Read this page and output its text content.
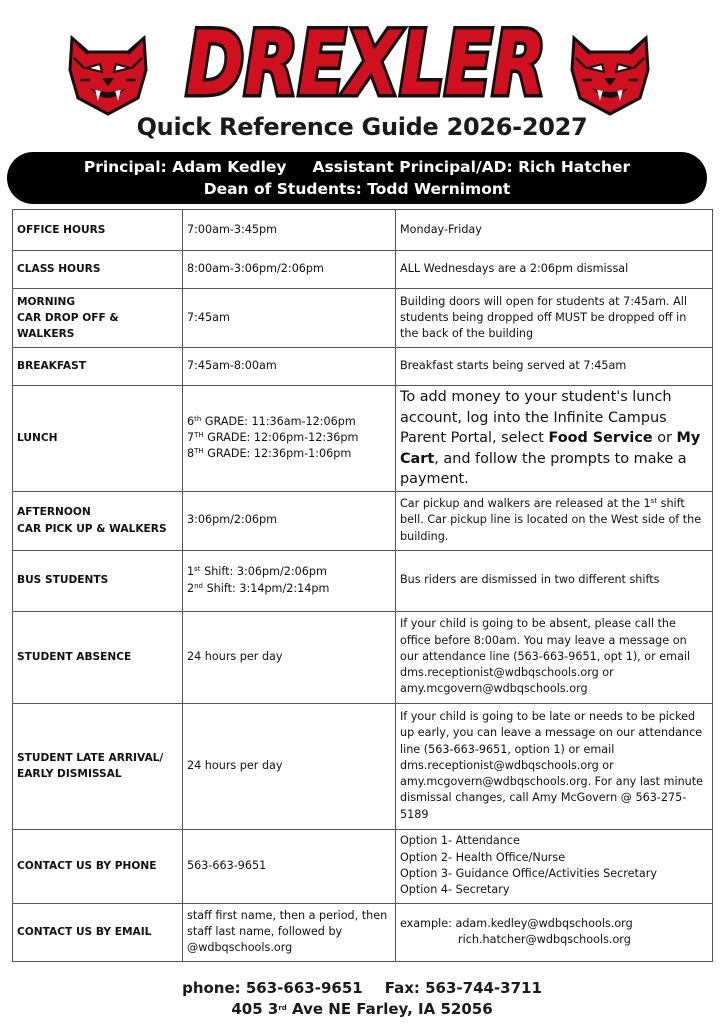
DREXLER
Quick Reference Guide 2026-2027
Principal: Adam Kedley Assistant Principal/AD: Rich Hatcher
Dean of Students: Todd Wernimont
OFFICE HOURS	7:00am-3:45pm	Monday-Friday
CLASS HOURS	8:00am-3:06pm/2:06pm	ALL Wednesdays are a 2:06pm dismissal

MORNING
CAR DROP OFF & WALKERS	7:45am	Building doors will open for students at 7:45am. All students being dropped off MUST be dropped off in the back of the building
BREAKFAST	7:45am-8:00am	Breakfast starts being served at 7:45am
LUNCH	6th GRADE: 11:36am-12:06pm
7TH GRADE: 12:06pm-12:36pm
8TH GRADE: 12:36pm-1:06pm	To add money to your student's lunch account, log into the Infinite Campus Parent Portal, select Food Service or My Cart, and follow the prompts to make a payment.

AFTERNOON
CAR PICK UP & WALKERS	3:06pm/2:06pm	Car pickup and walkers are released at the 1st shift bell. Car pickup line is located on the West side of the building.
BUS STUDENTS	1st Shift: 3:06pm/2:06pm
2nd Shift: 3:14pm/2:14pm	Bus riders are dismissed in two different shifts
STUDENT ABSENCE	24 hours per day	If your child is going to be absent, please call the office before 8:00am. You may leave a message on our attendance line (563-663-9651, opt 1), or email dms.receptionist@wdbqschools.org or amy.mcgovern@wdbqschools.org

STUDENT LATE ARRIVAL/
EARLY DISMISSAL	24 hours per day	If your child is going to be late or needs to be picked up early, you can leave a message on our attendance line (563-663-9651, option 1) or email dms.receptionist@wdbqschools.org or amy.mcgovern@wdbqschools.org. For any last minute dismissal changes, call Amy McGovern @ 563-275-5189
CONTACT US BY PHONE	563-663-9651	Option 1- Attendance
Option 2- Health Office/Nurse
Option 3- Guidance Office/Activities Secretary
Option 4- Secretary

CONTACT US BY EMAIL	staff first name, then a period, then staff last name, followed by @wdbqschools.org	example: adam.kedley@wdbqschools.org
rich.hatcher@wdbqschools.org
phone: 563-663-9651 Fax: 563-744-3711
405 3rd Ave NE Farley, IA 52056
